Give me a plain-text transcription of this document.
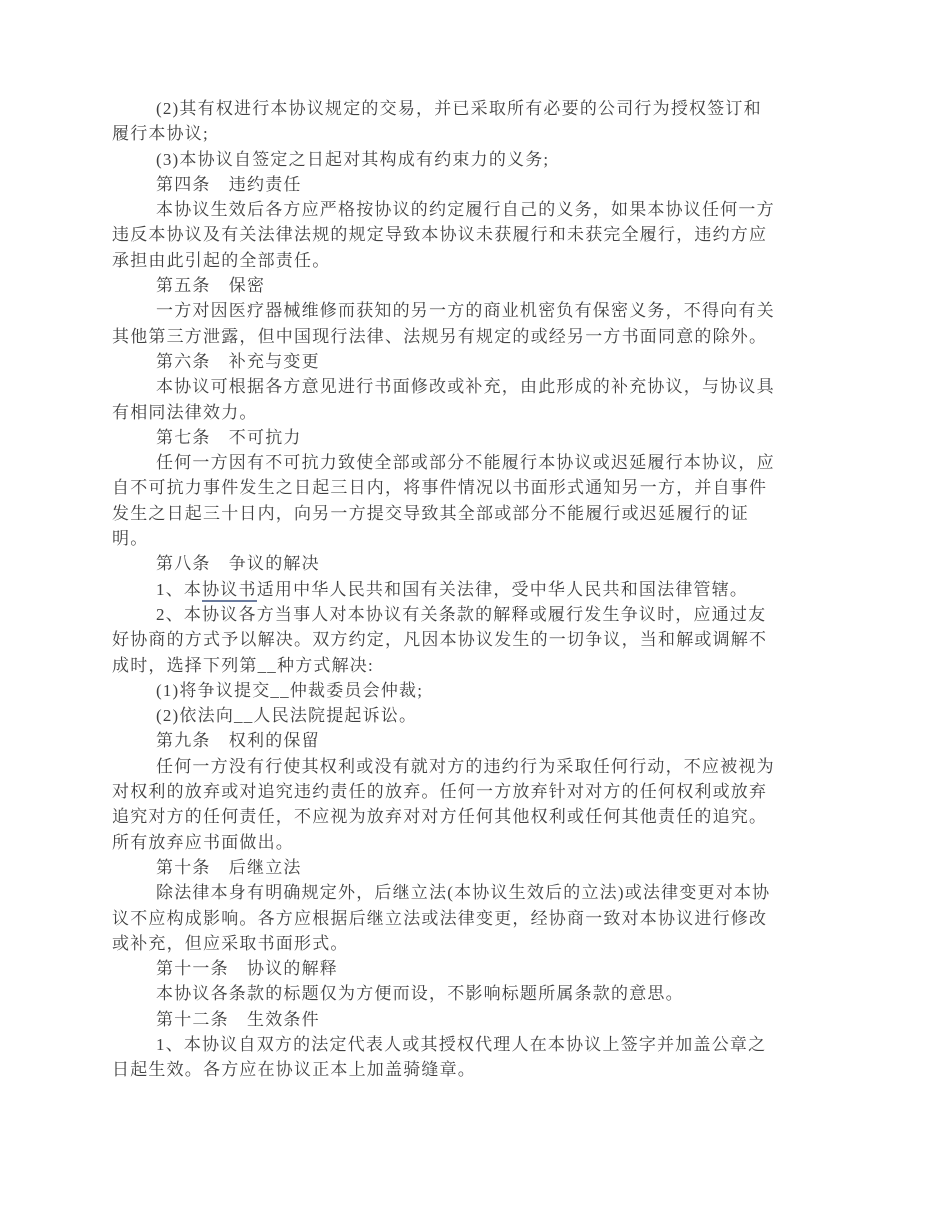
(2)其有权进行本协议规定的交易，并已采取所有必要的公司行为授权签订和
履行本协议;
(3)本协议自签定之日起对其构成有约束力的义务;
第四条　违约责任
本协议生效后各方应严格按协议的约定履行自己的义务，如果本协议任何一方
违反本协议及有关法律法规的规定导致本协议未获履行和未获完全履行，违约方应
承担由此引起的全部责任。
第五条　保密
一方对因医疗器械维修而获知的另一方的商业机密负有保密义务，不得向有关
其他第三方泄露，但中国现行法律、法规另有规定的或经另一方书面同意的除外。
第六条　补充与变更
本协议可根据各方意见进行书面修改或补充，由此形成的补充协议，与协议具
有相同法律效力。
第七条　不可抗力
任何一方因有不可抗力致使全部或部分不能履行本协议或迟延履行本协议，应
自不可抗力事件发生之日起三日内，将事件情况以书面形式通知另一方，并自事件
发生之日起三十日内，向另一方提交导致其全部或部分不能履行或迟延履行的证
明。
第八条　争议的解决
1、本协议书适用中华人民共和国有关法律，受中华人民共和国法律管辖。
2、本协议各方当事人对本协议有关条款的解释或履行发生争议时，应通过友
好协商的方式予以解决。双方约定，凡因本协议发生的一切争议，当和解或调解不
成时，选择下列第__种方式解决:
(1)将争议提交__仲裁委员会仲裁;
(2)依法向__人民法院提起诉讼。
第九条　权利的保留
任何一方没有行使其权利或没有就对方的违约行为采取任何行动，不应被视为
对权利的放弃或对追究违约责任的放弃。任何一方放弃针对对方的任何权利或放弃
追究对方的任何责任，不应视为放弃对对方任何其他权利或任何其他责任的追究。
所有放弃应书面做出。
第十条　后继立法
除法律本身有明确规定外，后继立法(本协议生效后的立法)或法律变更对本协
议不应构成影响。各方应根据后继立法或法律变更，经协商一致对本协议进行修改
或补充，但应采取书面形式。
第十一条　协议的解释
本协议各条款的标题仅为方便而设，不影响标题所属条款的意思。
第十二条　生效条件
1、本协议自双方的法定代表人或其授权代理人在本协议上签字并加盖公章之
日起生效。各方应在协议正本上加盖骑缝章。
